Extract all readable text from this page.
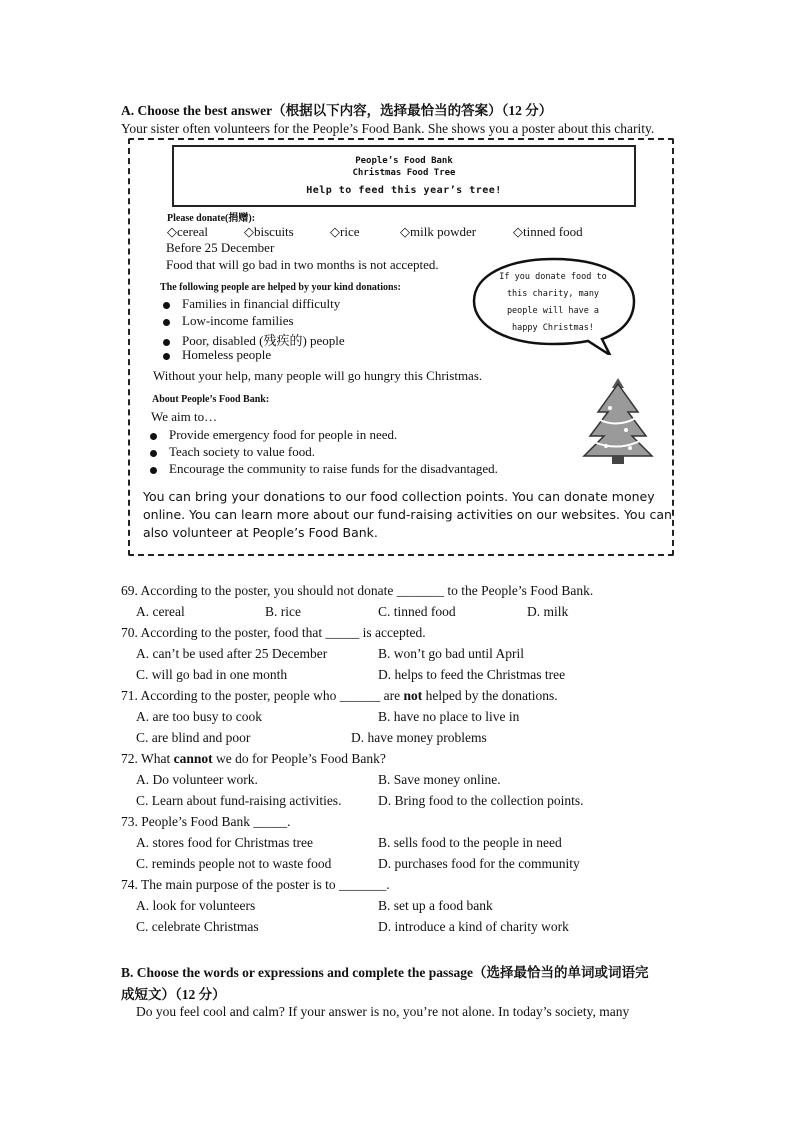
A. Choose the best answer（根据以下内容，选择最恰当的答案）（12 分）
Your sister often volunteers for the People’s Food Bank. She shows you a poster about this charity.
People’s Food Bank
Christmas Food Tree
Help to feed this year’s tree!
Please donate(捐赠):
◇cereal	◇biscuits	◇rice	◇milk powder	◇tinned food
Before 25 December
Food that will go bad in two months is not accepted.
The following people are helped by your kind donations:
Families in financial difficulty
Low-income families
Poor, disabled (残疾的) people
Homeless people
Without your help, many people will go hungry this Christmas.
If you donate food to
this charity, many
people will have a
happy Christmas!
About People’s Food Bank:
We aim to…
Provide emergency food for people in need.
Teach society to value food.
Encourage the community to raise funds for the disadvantaged.
You can bring your donations to our food collection points. You can donate money
online. You can learn more about our fund-raising activities on our websites. You can
also volunteer at People’s Food Bank.
69. According to the poster, you should not donate _______ to the People’s Food Bank.
A. cereal	B. rice	C. tinned food	D. milk
70. According to the poster, food that _____ is accepted.
A. can’t be used after 25 December	B. won’t go bad until April
C. will go bad in one month	D. helps to feed the Christmas tree
71. According to the poster, people who ______ are not helped by the donations.
A. are too busy to cook	B. have no place to live in
C. are blind and poor	D. have money problems
72. What cannot we do for People’s Food Bank?
A. Do volunteer work.	B. Save money online.
C. Learn about fund-raising activities.	D. Bring food to the collection points.
73. People’s Food Bank _____.
A. stores food for Christmas tree	B. sells food to the people in need
C. reminds people not to waste food	D. purchases food for the community
74. The main purpose of the poster is to _______.
A. look for volunteers	B. set up a food bank
C. celebrate Christmas	D. introduce a kind of charity work
B. Choose the words or expressions and complete the passage（选择最恰当的单词或词语完
成短文）（12 分）
Do you feel cool and calm? If your answer is no, you’re not alone. In today’s society, many
